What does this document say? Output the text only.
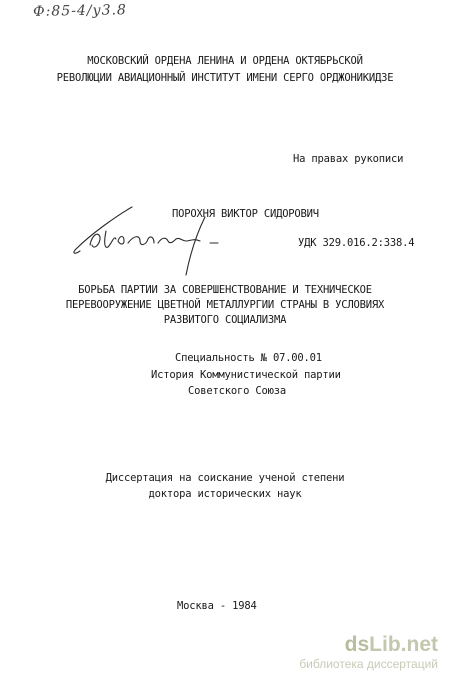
Ф:85-4/у3.8
МОСКОВСКИЙ ОРДЕНА ЛЕНИНА И ОРДЕНА ОКТЯБРЬСКОЙ
РЕВОЛЮЦИИ АВИАЦИОННЫЙ ИНСТИТУТ ИМЕНИ СЕРГО ОРДЖОНИКИДЗЕ
На правах рукописи
ПОРОХНЯ ВИКТОР СИДОРОВИЧ
УДК 329.016.2:338.4
БОРЬБА ПАРТИИ ЗА СОВЕРШЕНСТВОВАНИЕ И ТЕХНИЧЕСКОЕ
ПЕРЕВООРУЖЕНИЕ ЦВЕТНОЙ МЕТАЛЛУРГИИ СТРАНЫ В УСЛОВИЯХ
РАЗВИТОГО СОЦИАЛИЗМА
Специальность № 07.00.01
История Коммунистической партии
Советского Союза
Диссертация на соискание ученой степени
доктора исторических наук
Москва - 1984
dsLib.net
библиотека диссертаций
